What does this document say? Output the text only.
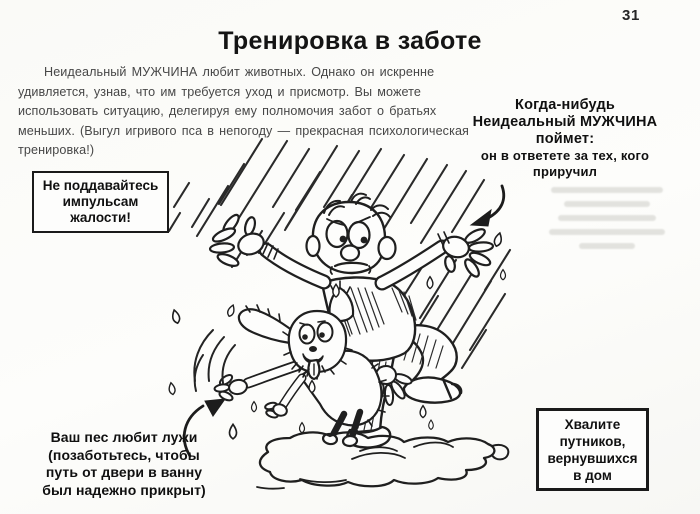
31
Тренировка в заботе

Неидеальный МУЖЧИНА любит животных. Однако он искренне удивляется, узнав, что им требуется уход и присмотр. Вы можете использовать ситуацию, делегируя ему полномочия забот о братьях меньших. (Выгул игривого пса в непогоду — прекрасная психологическая тренировка!)

Когда-нибудь
Неидеальный МУЖЧИНА
поймет:
он в ответете за тех, кого
приручил
Не поддавайтесь
импульсам
жалости!
Ваш пес любит лужи
(позаботьтесь, чтобы
путь от двери в ванну
был надежно прикрыт)
Хвалите
путников,
вернувшихся
в дом
